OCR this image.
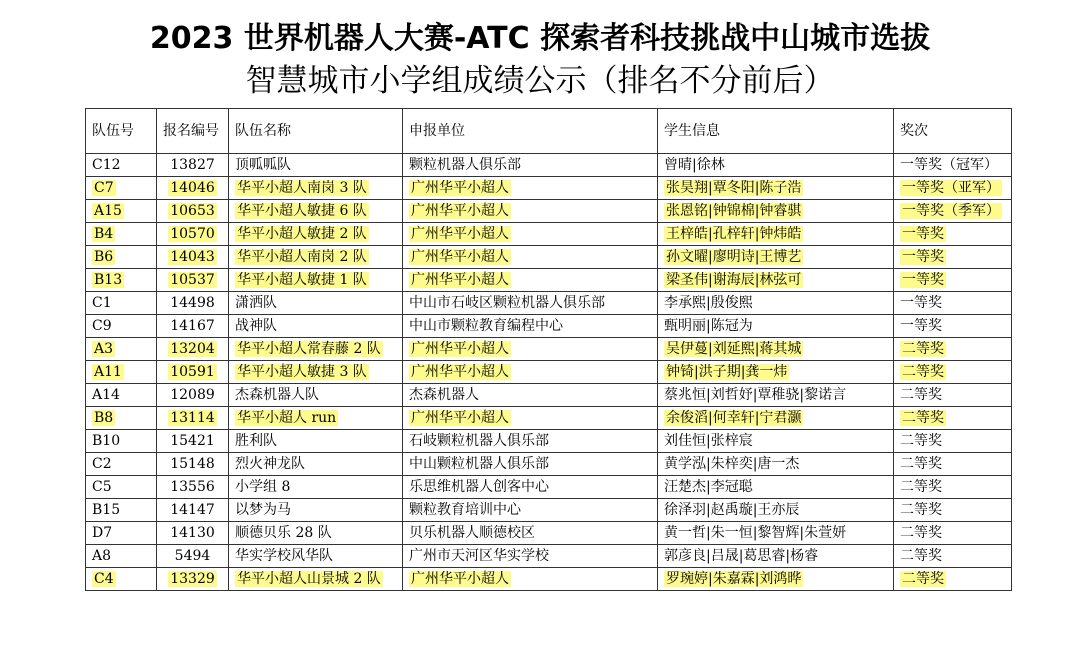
2023 世界机器人大赛-ATC 探索者科技挑战中山城市选拔
智慧城市小学组成绩公示（排名不分前后）
队伍号	报名编号	队伍名称	申报单位	学生信息	奖次
C12	13827	顶呱呱队	颗粒机器人俱乐部	曾晴|徐林	一等奖（冠军）
C7	14046	华平小超人南岗 3 队	广州华平小超人	张昊翔|覃冬阳|陈子浩	一等奖（亚军）
A15	10653	华平小超人敏捷 6 队	广州华平小超人	张恩铭|钟锦棉|钟睿骐	一等奖（季军）
B4	10570	华平小超人敏捷 2 队	广州华平小超人	王梓皓|孔梓轩|钟炜皓	一等奖
B6	14043	华平小超人南岗 2 队	广州华平小超人	孙文曜|廖明诗|王博艺	一等奖
B13	10537	华平小超人敏捷 1 队	广州华平小超人	梁圣伟|谢海辰|林弦可	一等奖
C1	14498	潇洒队	中山市石岐区颗粒机器人俱乐部	李承熙|殷俊熙	一等奖
C9	14167	战神队	中山市颗粒教育编程中心	甄明丽|陈冠为	一等奖
A3	13204	华平小超人常春藤 2 队	广州华平小超人	吴伊蔓|刘延熙|蒋其城	二等奖
A11	10591	华平小超人敏捷 3 队	广州华平小超人	钟锜|洪子期|龚一炜	二等奖
A14	12089	杰森机器人队	杰森机器人	蔡兆恒|刘哲妤|覃稚骁|黎诺言	二等奖
B8	13114	华平小超人 run	广州华平小超人	余俊滔|何幸轩|宁君灏	二等奖
B10	15421	胜利队	石岐颗粒机器人俱乐部	刘佳恒|张梓宸	二等奖
C2	15148	烈火神龙队	中山颗粒机器人俱乐部	黄学泓|朱梓奕|唐一杰	二等奖
C5	13556	小学组 8	乐思维机器人创客中心	汪楚杰|李冠聪	二等奖
B15	14147	以梦为马	颗粒教育培训中心	徐泽羽|赵禹璇|王亦辰	二等奖
D7	14130	顺德贝乐 28 队	贝乐机器人顺德校区	黄一哲|朱一恒|黎智辉|朱萱妍	二等奖
A8	5494	华实学校风华队	广州市天河区华实学校	郭彦良|吕晟|葛思睿|杨睿	二等奖
C4	13329	华平小超人山景城 2 队	广州华平小超人	罗琬婷|朱嘉霖|刘鸿晔	二等奖
